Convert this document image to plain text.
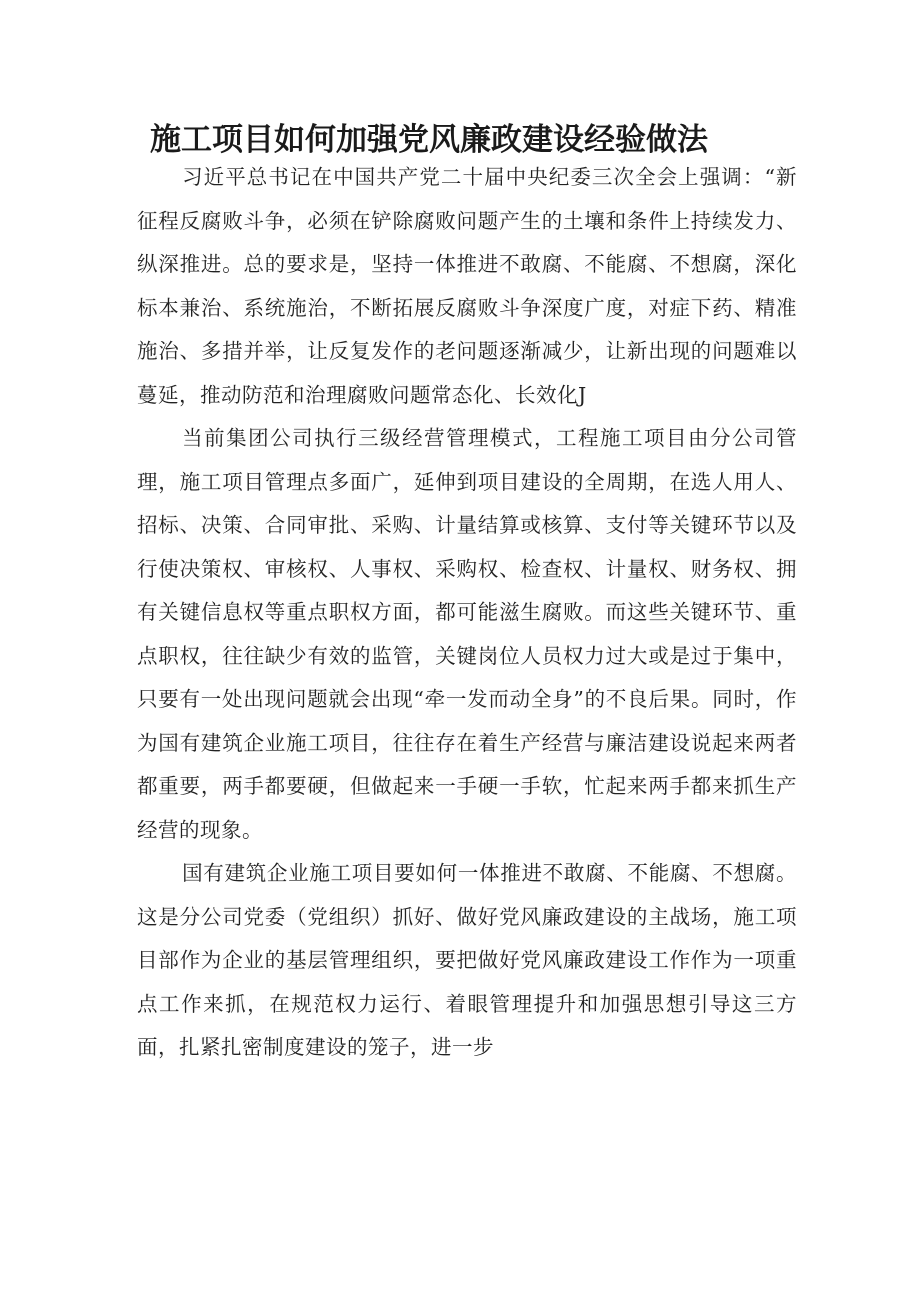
施工项目如何加强党风廉政建设经验做法

习近平总书记在中国共产党二十届中央纪委三次全会上强调：“新征程反腐败斗争，必须在铲除腐败问题产生的土壤和条件上持续发力、纵深推进。总的要求是，坚持一体推进不敢腐、不能腐、不想腐，深化标本兼治、系统施治，不断拓展反腐败斗争深度广度，对症下药、精准施治、多措并举，让反复发作的老问题逐渐减少，让新出现的问题难以蔓延，推动防范和治理腐败问题常态化、长效化J

当前集团公司执行三级经营管理模式，工程施工项目由分公司管理，施工项目管理点多面广，延伸到项目建设的全周期，在选人用人、招标、决策、合同审批、采购、计量结算或核算、支付等关键环节以及行使决策权、审核权、人事权、采购权、检查权、计量权、财务权、拥有关键信息权等重点职权方面，都可能滋生腐败。而这些关键环节、重点职权，往往缺少有效的监管，关键岗位人员权力过大或是过于集中，只要有一处出现问题就会出现“牵一发而动全身”的不良后果。同时，作为国有建筑企业施工项目，往往存在着生产经营与廉洁建设说起来两者都重要，两手都要硬，但做起来一手硬一手软，忙起来两手都来抓生产经营的现象。

国有建筑企业施工项目要如何一体推进不敢腐、不能腐、不想腐。这是分公司党委（党组织）抓好、做好党风廉政建设的主战场，施工项目部作为企业的基层管理组织，要把做好党风廉政建设工作作为一项重点工作来抓，在规范权力运行、着眼管理提升和加强思想引导这三方面，扎紧扎密制度建设的笼子，进一步
